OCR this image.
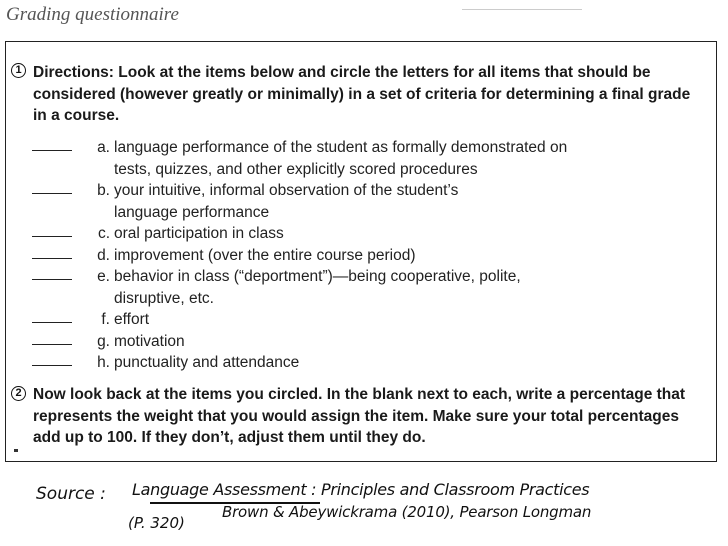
Grading questionnaire
1 Directions: Look at the items below and circle the letters for all items that should be considered (however greatly or minimally) in a set of criteria for determining a final grade in a course.
a. language performance of the student as formally demonstrated on
tests, quizzes, and other explicitly scored procedures
b. your intuitive, informal observation of the student’s
language performance
c. oral participation in class
d. improvement (over the entire course period)
e. behavior in class (“deportment”)—being cooperative, polite,
disruptive, etc.
f. effort
g. motivation
h. punctuality and attendance
2 Now look back at the items you circled. In the blank next to each, write a percentage that represents the weight that you would assign the item. Make sure your total percentages add up to 100. If they don’t, adjust them until they do.
Source : Language Assessment : Principles and Classroom Practices
(P. 320)
Brown & Abeywickrama (2010), Pearson Longman
